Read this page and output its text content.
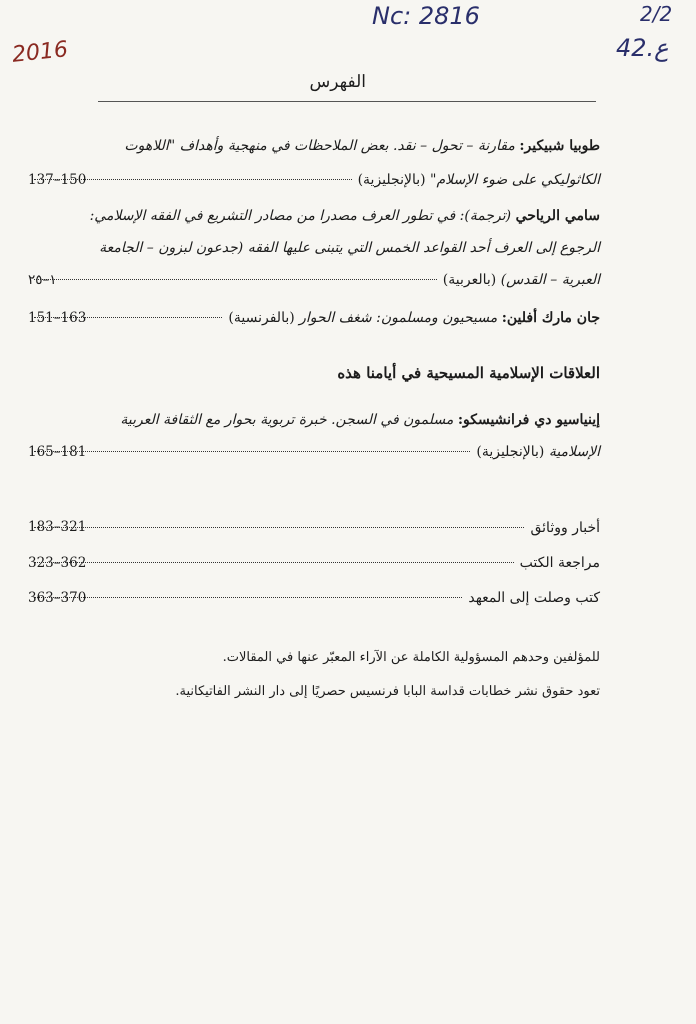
Nc: 2816	2/2
42.ع
2016
الفهرس
طوبيا شبيكير: مقارنة – تحول – نقد. بعض الملاحظات في منهجية وأهداف "اللاهوت
الكاثوليكي على ضوء الإسلام" (بالإنجليزية)
137–150
سامي الرياحي (ترجمة): في تطور العرف مصدرا من مصادر التشريع في الفقه الإسلامي:
الرجوع إلى العرف أحد القواعد الخمس التي يتبنى عليها الفقه (جدعون لبزون – الجامعة
العبرية – القدس) (بالعربية)
١–٢٥
جان مارك أفلين: مسيحيون ومسلمون: شغف الحوار (بالفرنسية)
151–163
العلاقات الإسلامية المسيحية في أيامنا هذه
إينياسيو دي فرانشيسكو: مسلمون في السجن. خبرة تربوية بحوار مع الثقافة العربية
الإسلامية (بالإنجليزية)
165–181
أخبار ووثائق
183–321
مراجعة الكتب
323–362
كتب وصلت إلى المعهد
363–370
للمؤلفين وحدهم المسؤولية الكاملة عن الآراء المعبّر عنها في المقالات.
تعود حقوق نشر خطابات قداسة البابا فرنسيس حصريًا إلى دار النشر الفاتيكانية.
